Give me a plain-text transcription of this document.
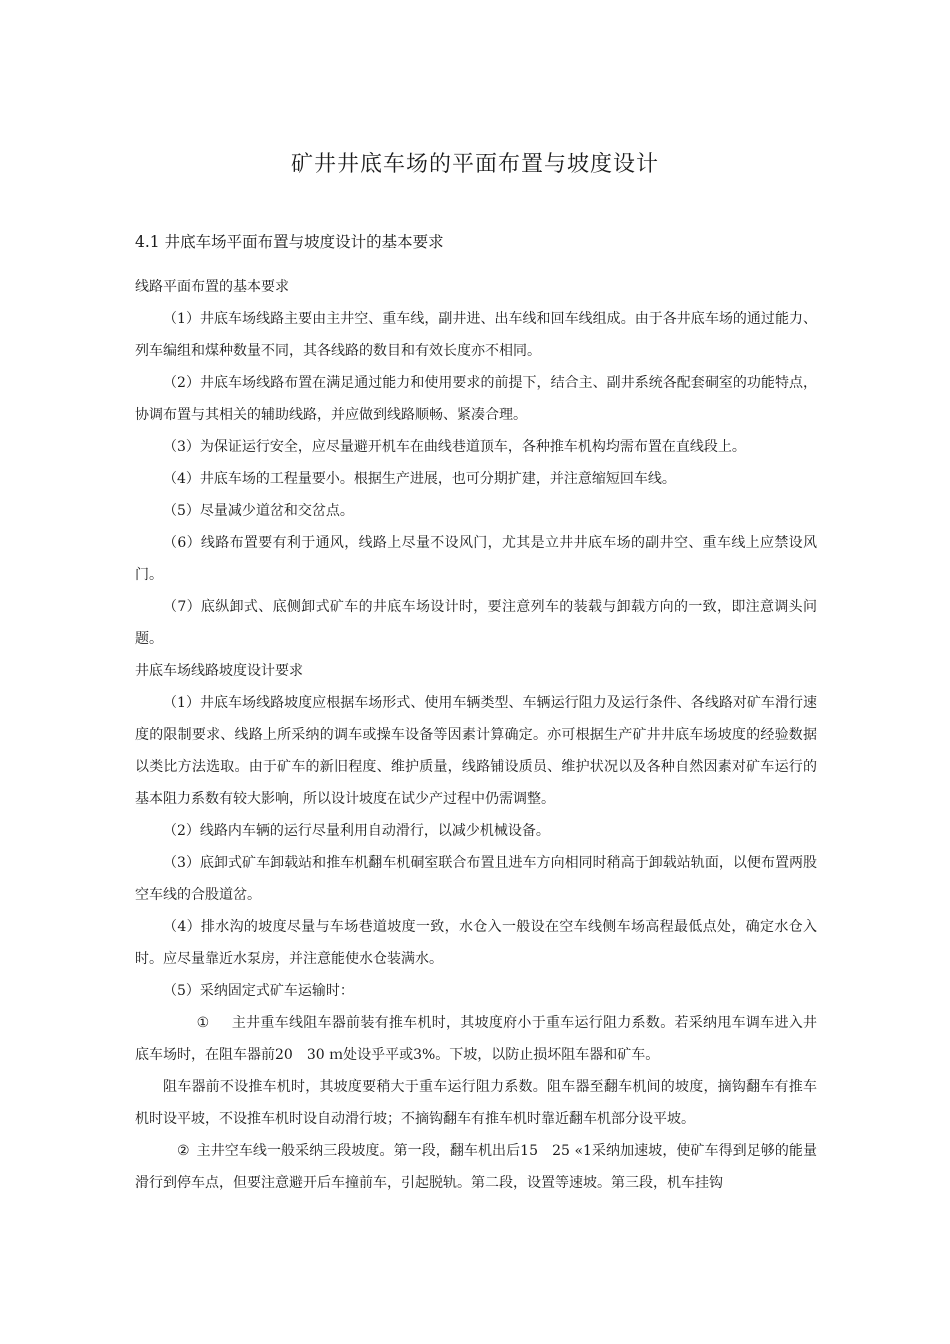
矿井井底车场的平面布置与坡度设计
4.1 井底车场平面布置与坡度设计的基本要求

线路平面布置的基本要求

（1）井底车场线路主要由主井空、重车线，副井进、出车线和回车线组成。由于各井底车场的通过能力、列车编组和煤种数量不同，其各线路的数目和有效长度亦不相同。

（2）井底车场线路布置在满足通过能力和使用要求的前提下，结合主、副井系统各配套硐室的功能特点，协调布置与其相关的辅助线路，并应做到线路顺畅、紧凑合理。

（3）为保证运行安全，应尽量避开机车在曲线巷道顶车，各种推车机构均需布置在直线段上。

（4）井底车场的工程量要小。根据生产进展，也可分期扩建，并注意缩短回车线。

（5）尽量减少道岔和交岔点。

（6）线路布置要有利于通风，线路上尽量不设风门，尤其是立井井底车场的副井空、重车线上应禁设风门。

（7）底纵卸式、底侧卸式矿车的井底车场设计时，要注意列车的装载与卸载方向的一致，即注意调头问题。

井底车场线路坡度设计要求

（1）井底车场线路坡度应根据车场形式、使用车辆类型、车辆运行阻力及运行条件、各线路对矿车滑行速度的限制要求、线路上所采纳的调车或操车设备等因素计算确定。亦可根据生产矿井井底车场坡度的经验数据以类比方法选取。由于矿车的新旧程度、维护质量，线路铺设质员、维护状况以及各种自然因素对矿车运行的基本阻力系数有较大影响，所以设计坡度在试少产过程中仍需调整。

（2）线路内车辆的运行尽量利用自动滑行，以减少机械设备。

（3）底卸式矿车卸载站和推车机翻车机硐室联合布置且进车方向相同时稍高于卸载站轨面，以便布置两股空车线的合股道岔。

（4）排水沟的坡度尽量与车场巷道坡度一致，水仓入一般设在空车线侧车场高程最低点处，确定水仓入时。应尽量靠近水泵房，并注意能使水仓装满水。

（5）采纳固定式矿车运输时：

① 主井重车线阻车器前装有推车机时，其坡度府小于重车运行阻力系数。若采纳甩车调车进入井底车场时，在阻车器前20　30 ｍ处设乎平或3%。下坡，以防止损坏阻车器和矿车。

阻车器前不设推车机时，其坡度要稍大于重车运行阻力系数。阻车器至翻车机间的坡度，摘钩翻车有推车机时设平坡，不设推车机时设自动滑行坡；不摘钩翻车有推车机时靠近翻车机部分设平坡。

② 主井空车线一般采纳三段坡度。第一段，翻车机出后15　25 «1采纳加速坡，使矿车得到足够的能量滑行到停车点，但要注意避开后车撞前车，引起脱轨。第二段，设置等速坡。第三段，机车挂钩
